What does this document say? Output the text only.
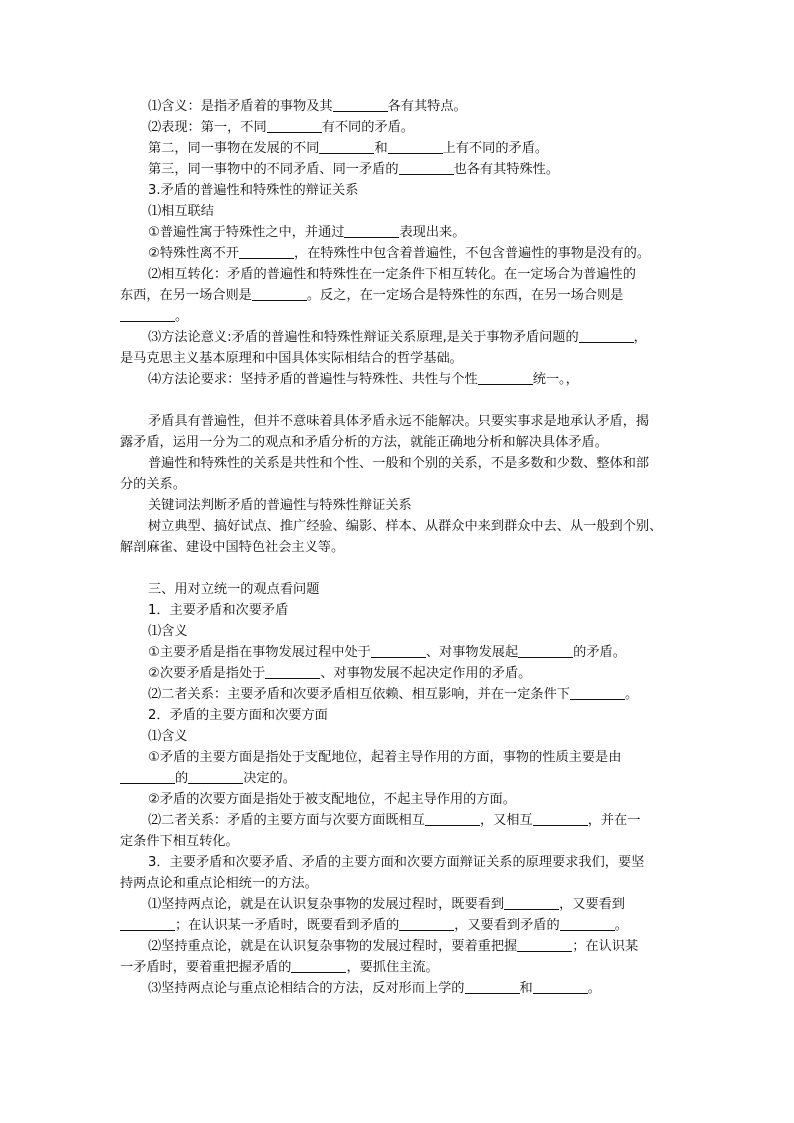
⑴含义：是指矛盾着的事物及其	各有其特点。
⑵表现：第一，不同	有不同的矛盾。
第二，同一事物在发展的不同	和	上有不同的矛盾。
第三，同一事物中的不同矛盾、同一矛盾的	也各有其特殊性。
3.矛盾的普遍性和特殊性的辩证关系
⑴相互联结
①普遍性寓于特殊性之中，并通过	表现出来。
②特殊性离不开	，在特殊性中包含着普遍性，不包含普遍性的事物是没有的。
⑵相互转化：矛盾的普遍性和特殊性在一定条件下相互转化。在一定场合为普遍性的
东西，在另一场合则是	。反之，在一定场合是特殊性的东西，在另一场合则是
。
⑶方法论意义:矛盾的普遍性和特殊性辩证关系原理,是关于事物矛盾问题的	，
是马克思主义基本原理和中国具体实际相结合的哲学基础。
⑷方法论要求：坚持矛盾的普遍性与特殊性、共性与个性	统一。，
矛盾具有普遍性，但并不意味着具体矛盾永远不能解决。只要实事求是地承认矛盾，揭
露矛盾，运用一分为二的观点和矛盾分析的方法，就能正确地分析和解决具体矛盾。
普遍性和特殊性的关系是共性和个性、一般和个别的关系，不是多数和少数、整体和部
分的关系。
关键词法判断矛盾的普遍性与特殊性辩证关系
树立典型、搞好试点、推广经验、编影、样本、从群众中来到群众中去、从一般到个别、
解剖麻雀、建设中国特色社会主义等。
三、用对立统一的观点看问题
1．主要矛盾和次要矛盾
⑴含义
①主要矛盾是指在事物发展过程中处于	、对事物发展起	的矛盾。
②次要矛盾是指处于	、对事物发展不起决定作用的矛盾。
⑵二者关系：主要矛盾和次要矛盾相互依赖、相互影响，并在一定条件下	。
2．矛盾的主要方面和次要方面
⑴含义
①矛盾的主要方面是指处于支配地位，起着主导作用的方面，事物的性质主要是由
的	决定的。
②矛盾的次要方面是指处于被支配地位，不起主导作用的方面。
⑵二者关系：矛盾的主要方面与次要方面既相互	，又相互	，并在一
定条件下相互转化。
3．主要矛盾和次要矛盾、矛盾的主要方面和次要方面辩证关系的原理要求我们，要坚
持两点论和重点论相统一的方法。
⑴坚持两点论，就是在认识复杂事物的发展过程时，既要看到	，又要看到
；在认识某一矛盾时，既要看到矛盾的	，又要看到矛盾的	。
⑵坚持重点论，就是在认识复杂事物的发展过程时，要着重把握	；在认识某
一矛盾时，要着重把握矛盾的	，要抓住主流。
⑶坚持两点论与重点论相结合的方法，反对形而上学的	和	。
